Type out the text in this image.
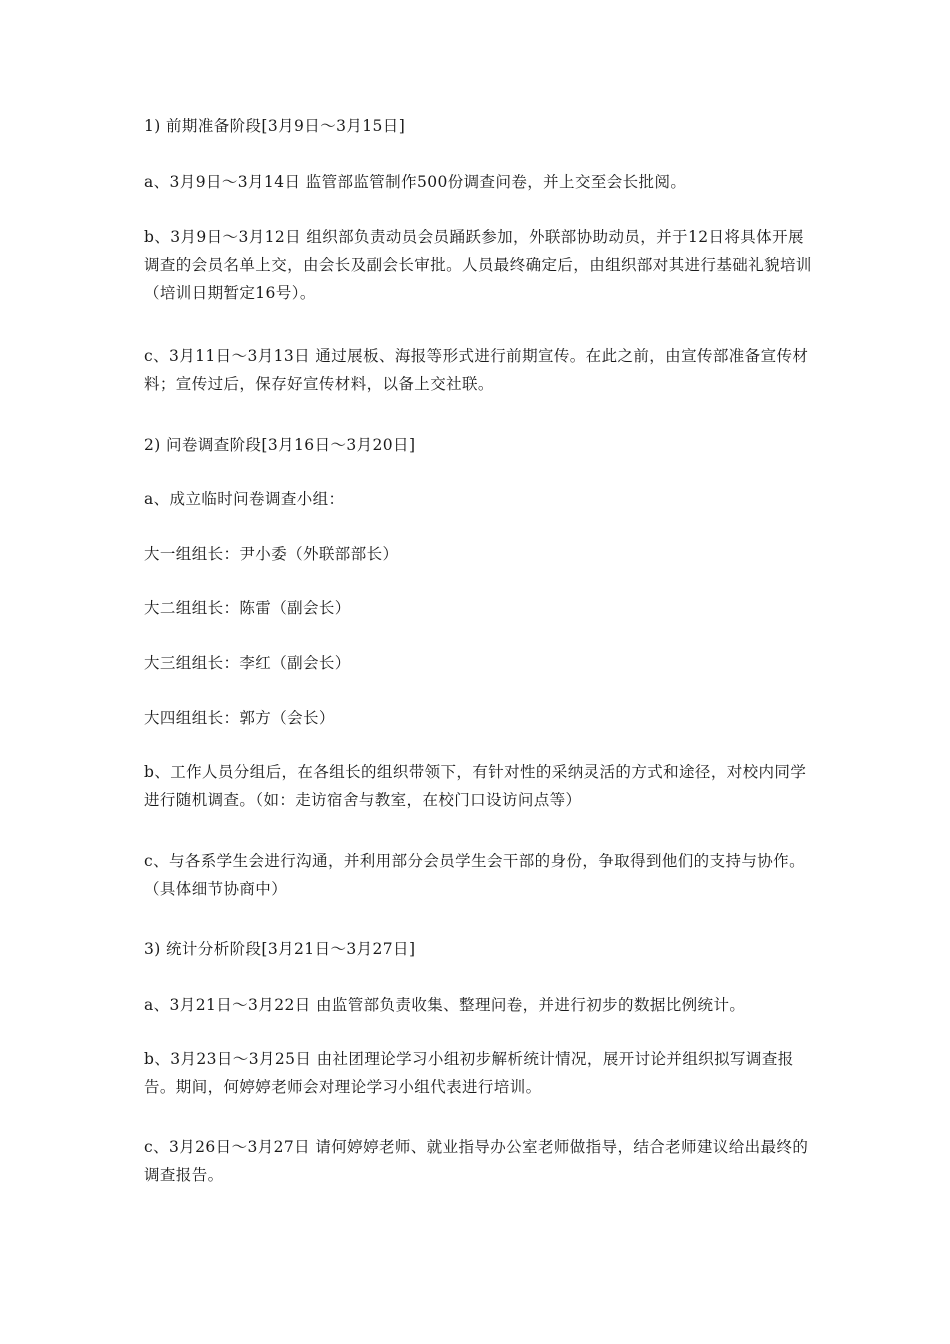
1) 前期准备阶段[3月9日～3月15日]
a、3月9日～3月14日 监管部监管制作500份调查问卷，并上交至会长批阅。
b、3月9日～3月12日 组织部负责动员会员踊跃参加，外联部协助动员，并于12日将具体开展调查的会员名单上交，由会长及副会长审批。人员最终确定后，由组织部对其进行基础礼貌培训（培训日期暂定16号）。
c、3月11日～3月13日 通过展板、海报等形式进行前期宣传。在此之前，由宣传部准备宣传材料；宣传过后，保存好宣传材料，以备上交社联。
2) 问卷调查阶段[3月16日～3月20日]
a、成立临时问卷调查小组：
大一组组长：尹小委（外联部部长）
大二组组长：陈雷（副会长）
大三组组长：李红（副会长）
大四组组长：郭方（会长）
b、工作人员分组后，在各组长的组织带领下，有针对性的采纳灵活的方式和途径，对校内同学进行随机调查。（如：走访宿舍与教室，在校门口设访问点等）
c、与各系学生会进行沟通，并利用部分会员学生会干部的身份，争取得到他们的支持与协作。（具体细节协商中）
3) 统计分析阶段[3月21日～3月27日]
a、3月21日～3月22日 由监管部负责收集、整理问卷，并进行初步的数据比例统计。
b、3月23日～3月25日 由社团理论学习小组初步解析统计情况，展开讨论并组织拟写调查报告。期间，何婷婷老师会对理论学习小组代表进行培训。
c、3月26日～3月27日 请何婷婷老师、就业指导办公室老师做指导，结合老师建议给出最终的调查报告。
